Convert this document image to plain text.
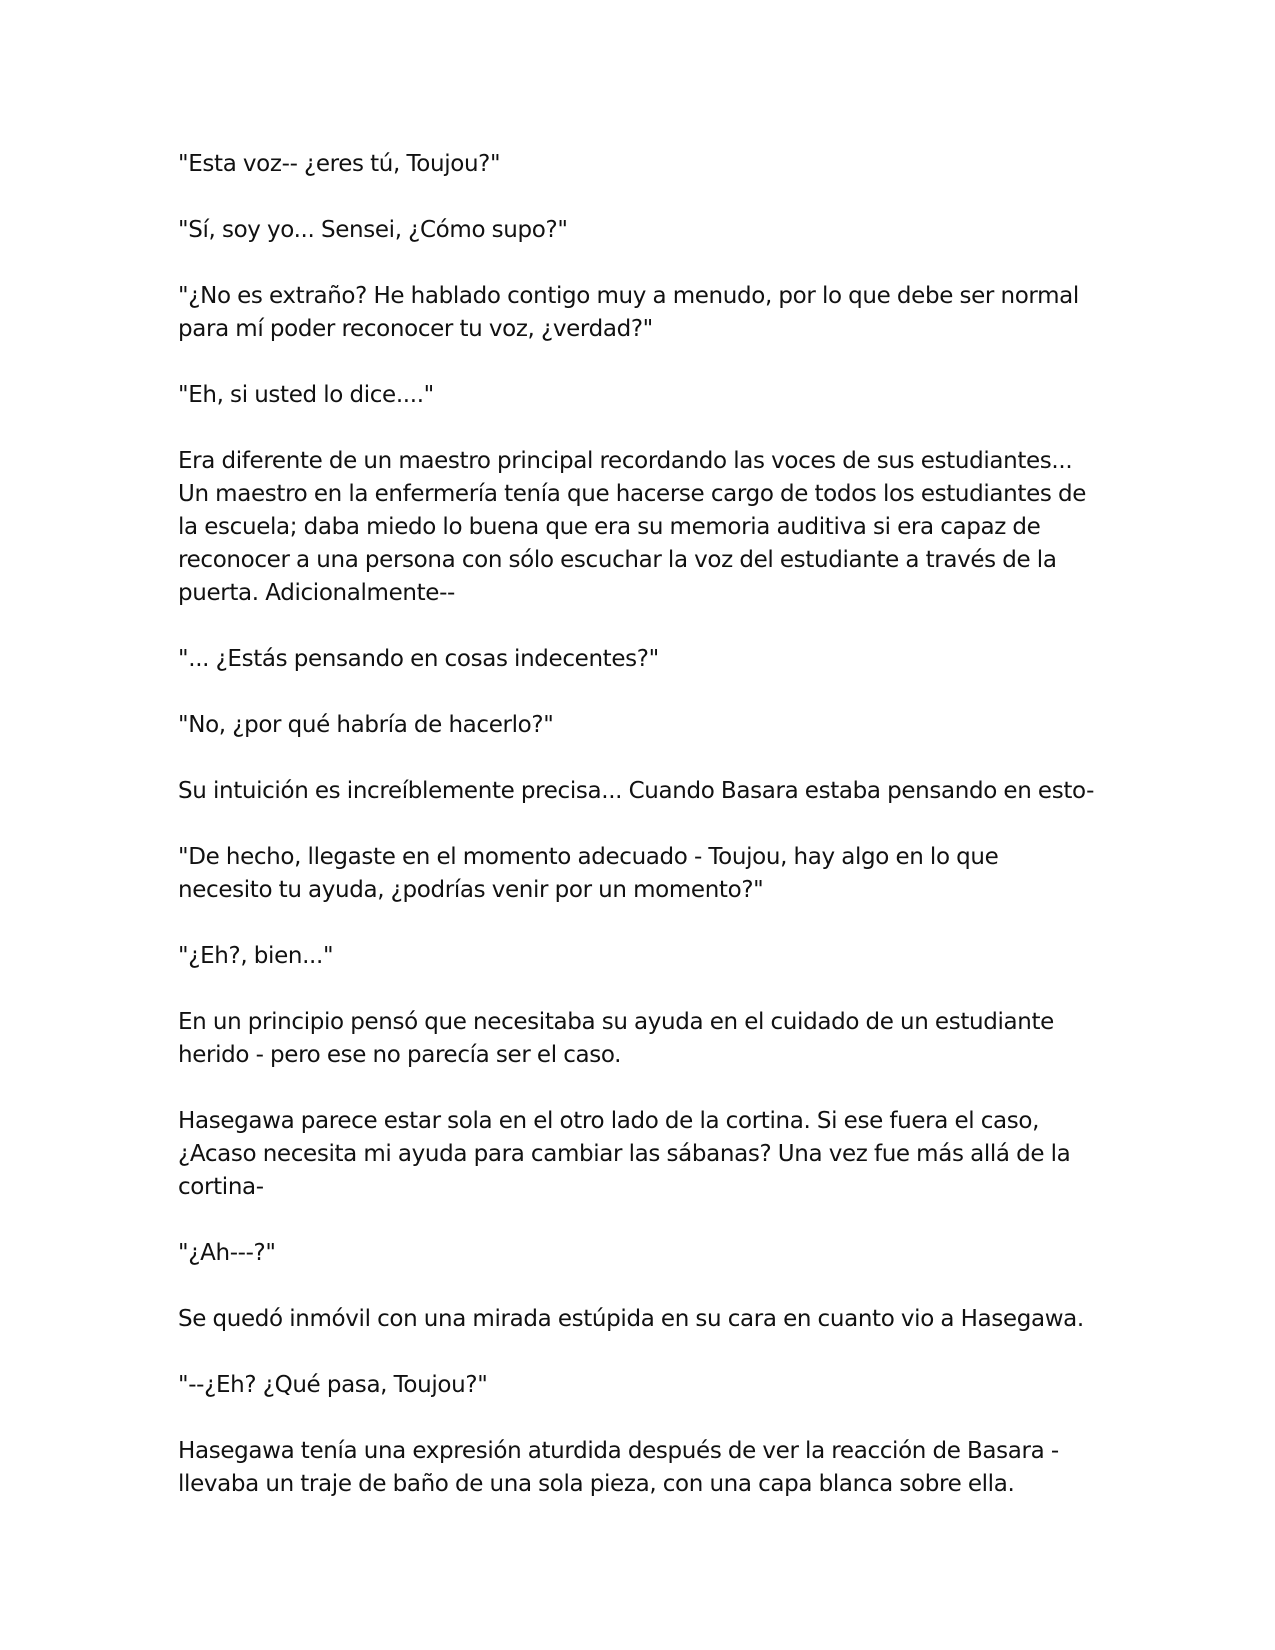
"Esta voz-- ¿eres tú, Toujou?"

"Sí, soy yo... Sensei, ¿Cómo supo?"

"¿No es extraño? He hablado contigo muy a menudo, por lo que debe ser normal para mí poder reconocer tu voz, ¿verdad?"

"Eh, si usted lo dice...."

Era diferente de un maestro principal recordando las voces de sus estudiantes... Un maestro en la enfermería tenía que hacerse cargo de todos los estudiantes de la escuela; daba miedo lo buena que era su memoria auditiva si era capaz de reconocer a una persona con sólo escuchar la voz del estudiante a través de la puerta. Adicionalmente--

"... ¿Estás pensando en cosas indecentes?"

"No, ¿por qué habría de hacerlo?"

Su intuición es increíblemente precisa... Cuando Basara estaba pensando en esto-

"De hecho, llegaste en el momento adecuado - Toujou, hay algo en lo que necesito tu ayuda, ¿podrías venir por un momento?"

"¿Eh?, bien..."

En un principio pensó que necesitaba su ayuda en el cuidado de un estudiante herido - pero ese no parecía ser el caso.

Hasegawa parece estar sola en el otro lado de la cortina. Si ese fuera el caso, ¿Acaso necesita mi ayuda para cambiar las sábanas? Una vez fue más allá de la cortina-

"¿Ah---?"

Se quedó inmóvil con una mirada estúpida en su cara en cuanto vio a Hasegawa.

"--¿Eh? ¿Qué pasa, Toujou?"

Hasegawa tenía una expresión aturdida después de ver la reacción de Basara - llevaba un traje de baño de una sola pieza, con una capa blanca sobre ella.
